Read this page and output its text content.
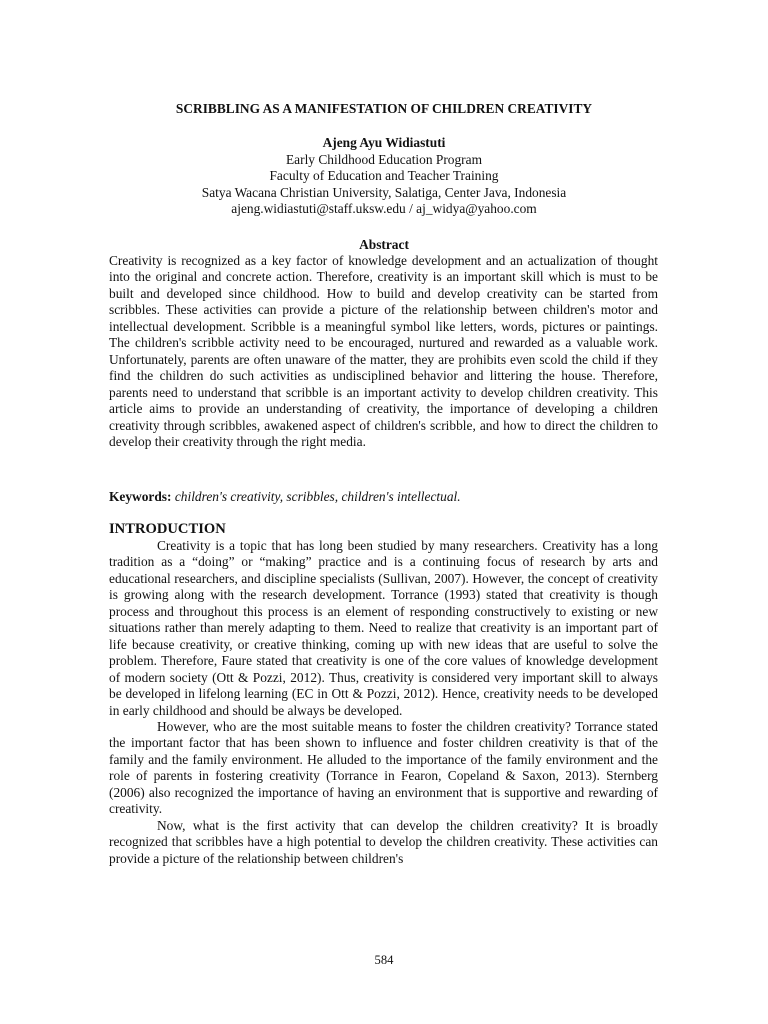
SCRIBBLING AS A MANIFESTATION OF CHILDREN CREATIVITY
Ajeng Ayu Widiastuti
Early Childhood Education Program
Faculty of Education and Teacher Training
Satya Wacana Christian University, Salatiga, Center Java, Indonesia
ajeng.widiastuti@staff.uksw.edu / aj_widya@yahoo.com
Abstract

Creativity is recognized as a key factor of knowledge development and an actualization of thought into the original and concrete action. Therefore, creativity is an important skill which is must to be built and developed since childhood. How to build and develop creativity can be started from scribbles. These activities can provide a picture of the relationship between children's motor and intellectual development. Scribble is a meaningful symbol like letters, words, pictures or paintings. The children's scribble activity need to be encouraged, nurtured and rewarded as a valuable work. Unfortunately, parents are often unaware of the matter, they are prohibits even scold the child if they find the children do such activities as undisciplined behavior and littering the house. Therefore, parents need to understand that scribble is an important activity to develop children creativity. This article aims to provide an understanding of creativity, the importance of developing a children creativity through scribbles, awakened aspect of children's scribble, and how to direct the children to develop their creativity through the right media.

Keywords: children's creativity, scribbles, children's intellectual.
INTRODUCTION

Creativity is a topic that has long been studied by many researchers. Creativity has a long tradition as a “doing” or “making” practice and is a continuing focus of research by arts and educational researchers, and discipline specialists (Sullivan, 2007). However, the concept of creativity is growing along with the research development. Torrance (1993) stated that creativity is though process and throughout this process is an element of responding constructively to existing or new situations rather than merely adapting to them. Need to realize that creativity is an important part of life because creativity, or creative thinking, coming up with new ideas that are useful to solve the problem. Therefore, Faure stated that creativity is one of the core values of knowledge development of modern society (Ott & Pozzi, 2012). Thus, creativity is considered very important skill to always be developed in lifelong learning (EC in Ott & Pozzi, 2012). Hence, creativity needs to be developed in early childhood and should be always be developed.

However, who are the most suitable means to foster the children creativity? Torrance stated the important factor that has been shown to influence and foster children creativity is that of the family and the family environment. He alluded to the importance of the family environment and the role of parents in fostering creativity (Torrance in Fearon, Copeland & Saxon, 2013). Sternberg (2006) also recognized the importance of having an environment that is supportive and rewarding of creativity.

Now, what is the first activity that can develop the children creativity? It is broadly recognized that scribbles have a high potential to develop the children creativity. These activities can provide a picture of the relationship between children's

584
